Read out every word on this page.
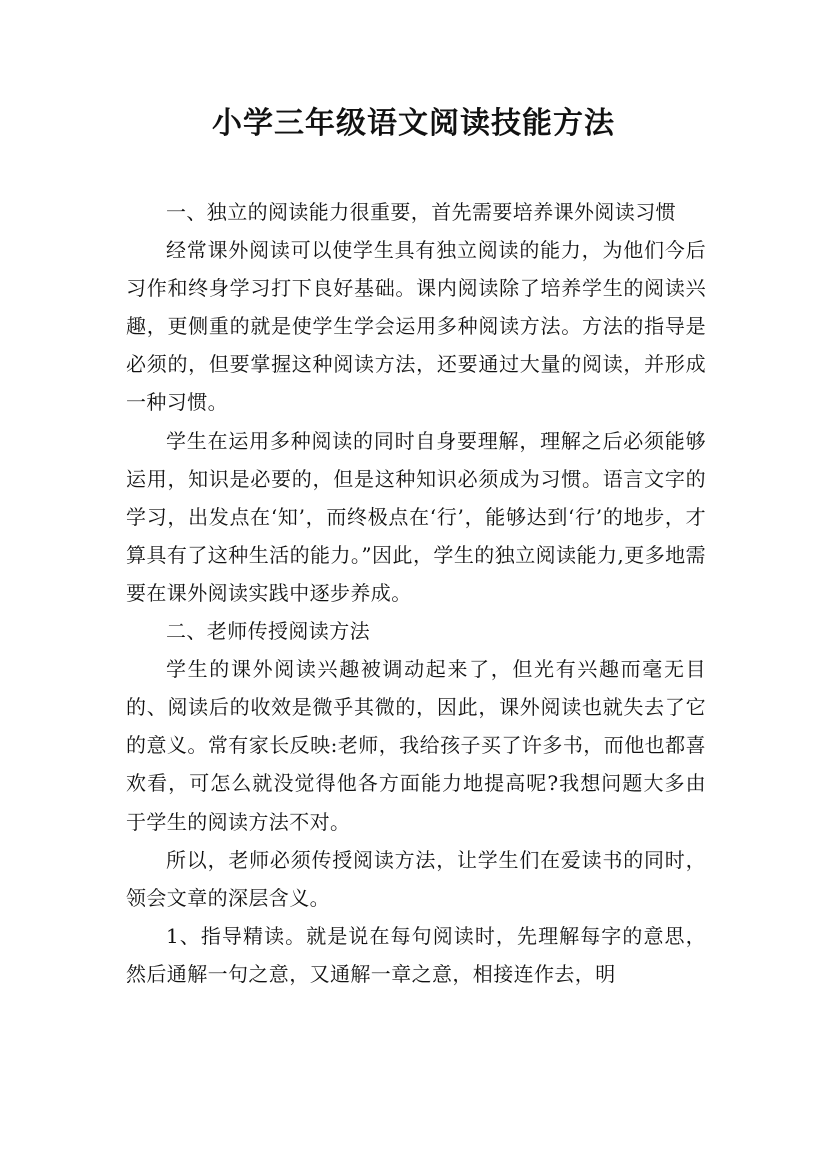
小学三年级语文阅读技能方法

一、独立的阅读能力很重要，首先需要培养课外阅读习惯

经常课外阅读可以使学生具有独立阅读的能力，为他们今后习作和终身学习打下良好基础。课内阅读除了培养学生的阅读兴趣，更侧重的就是使学生学会运用多种阅读方法。方法的指导是必须的，但要掌握这种阅读方法，还要通过大量的阅读，并形成一种习惯。

学生在运用多种阅读的同时自身要理解，理解之后必须能够运用，知识是必要的，但是这种知识必须成为习惯。语言文字的学习，出发点在‘知’，而终极点在‘行’，能够达到‘行’的地步，才算具有了这种生活的能力。”因此，学生的独立阅读能力,更多地需要在课外阅读实践中逐步养成。

二、老师传授阅读方法

学生的课外阅读兴趣被调动起来了，但光有兴趣而毫无目的、阅读后的收效是微乎其微的，因此，课外阅读也就失去了它的意义。常有家长反映:老师，我给孩子买了许多书，而他也都喜欢看，可怎么就没觉得他各方面能力地提高呢?我想问题大多由于学生的阅读方法不对。

所以，老师必须传授阅读方法，让学生们在爱读书的同时，领会文章的深层含义。

1、指导精读。就是说在每句阅读时，先理解每字的意思，然后通解一句之意，又通解一章之意，相接连作去，明
